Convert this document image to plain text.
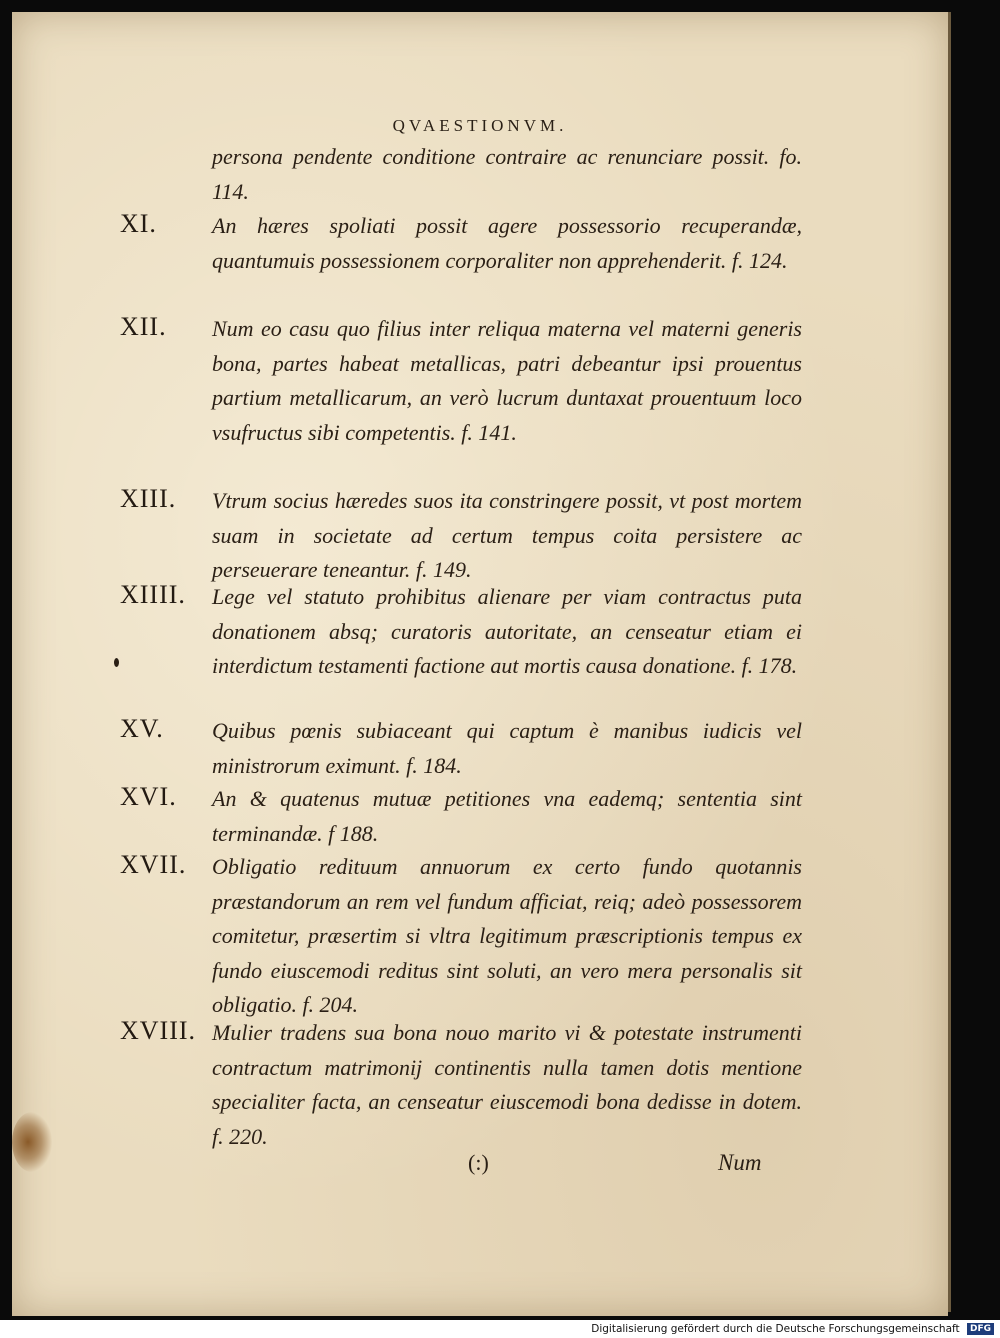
QVAESTIONVM.
persona pendente conditione contraire ac renunciare possit. fo. 114.
XI.	An hæres spoliati possit agere possessorio recuperandæ, quantumuis possessionem corporaliter non apprehenderit. f. 124.
XII. Num eo casu quo filius inter reliqua materna vel materni generis bona, partes habeat metallicas, patri debeantur ipsi prouentus partium metallicarum, an verò lucrum duntaxat prouentuum loco vsufructus sibi competentis. f. 141.
XIII. Vtrum socius hæredes suos ita constringere possit, vt post mortem suam in societate ad certum tempus coita persistere ac perseuerare teneantur. f. 149.
XIIII. Lege vel statuto prohibitus alienare per viam contractus puta donationem absq; curatoris autoritate, an censeatur etiam ei interdictum testamenti factione aut mortis causa donatione. f. 178.
XV. Quibus pœnis subiaceant qui captum è manibus iudicis vel ministrorum eximunt. f. 184.
XVI. An & quatenus mutuæ petitiones vna eademq; sententia sint terminandæ. f 188.
XVII. Obligatio redituum annuorum ex certo fundo quotannis præstandorum an rem vel fundum afficiat, reiq; adeò possessorem comitetur, præsertim si vltra legitimum præscriptionis tempus ex fundo eiuscemodi reditus sint soluti, an vero mera personalis sit obligatio. f. 204.
XVIII. Mulier tradens sua bona nouo marito vi & potestate instrumenti contractum matrimonij continentis nulla tamen dotis mentione specialiter facta, an censeatur eiuscemodi bona dedisse in dotem. f. 220.
(:)	Num
Digitalisierung gefördert durch die Deutsche Forschungsgemeinschaft DFG
